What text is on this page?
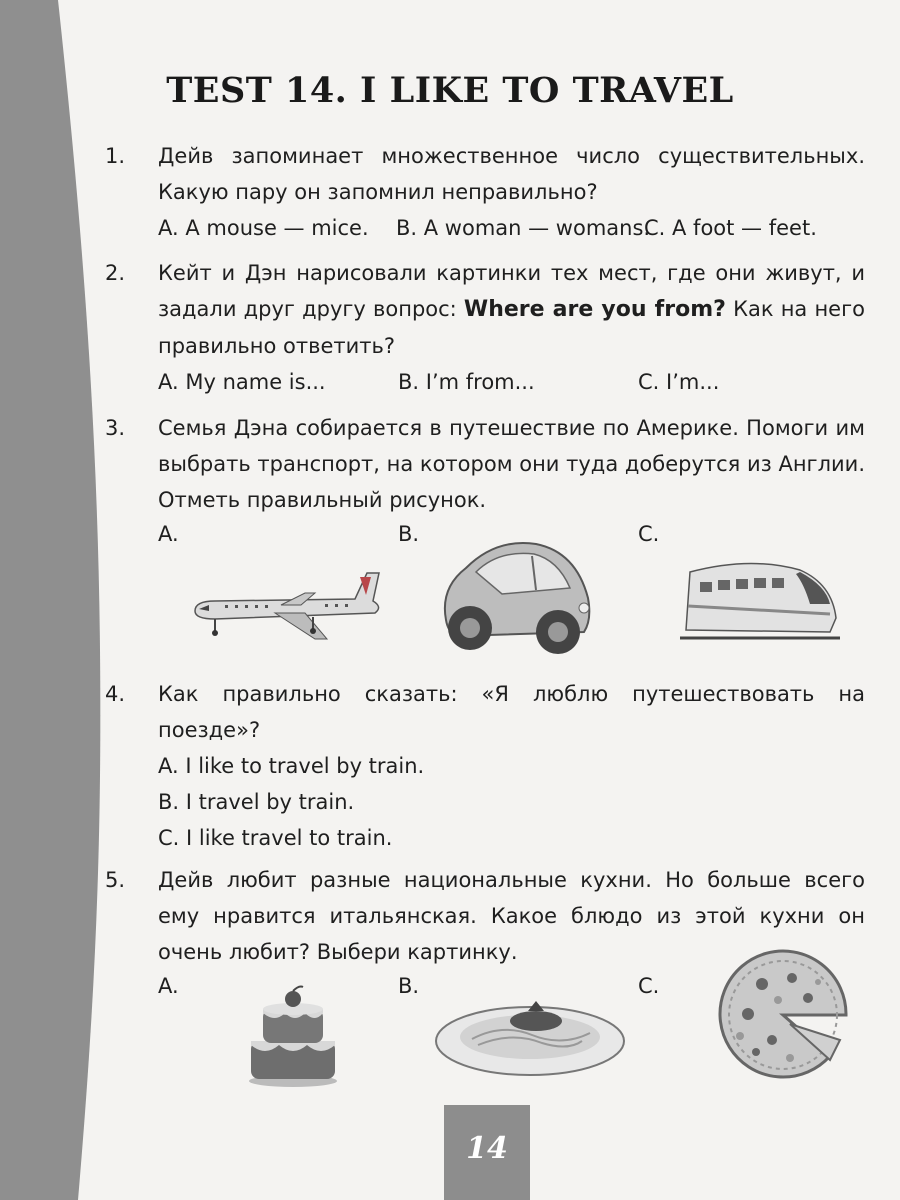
TEST 14. I LIKE TO TRAVEL
1.	Дейв запоминает множественное число существительных. Какую пару он запомнил неправильно?
A. A mouse — mice. B. A woman — womans.
C. A foot — feet.
2.	Кейт и Дэн нарисовали картинки тех мест, где они живут, и задали друг другу вопрос: Where are you from? Как на него правильно ответить?
A. My name is...	B. I’m from...	C. I’m...
3.	Семья Дэна собирается в путешествие по Америке. Помоги им выбрать транспорт, на котором они туда доберутся из Англии. Отметь правильный рисунок.
A.	B.	C.
4.	Как правильно сказать: «Я люблю путешествовать на поезде»?
A. I like to travel by train.
B. I travel by train.
C. I like travel to train.
5.	Дейв любит разные национальные кухни. Но больше всего ему нравится итальянская. Какое блюдо из этой кухни он очень любит? Выбери картинку.
A.	B.	C.
14
